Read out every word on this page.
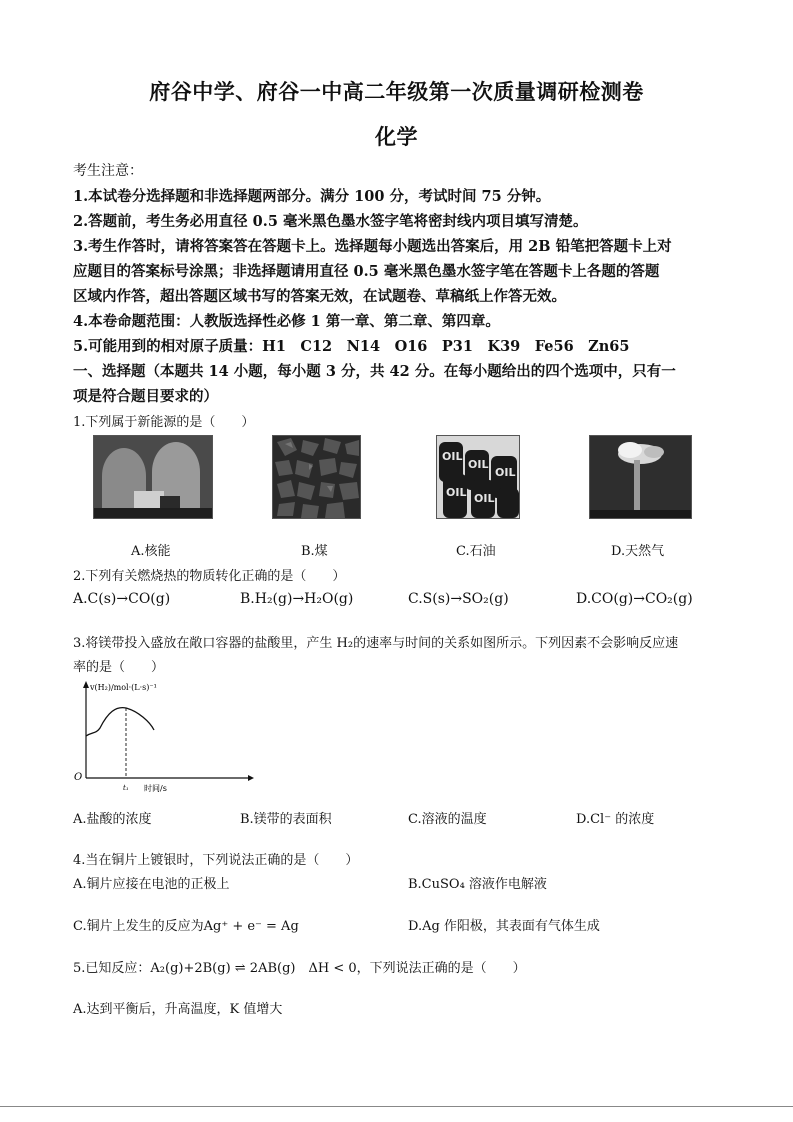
府谷中学、府谷一中高二年级第一次质量调研检测卷
化学
考生注意：
1.本试卷分选择题和非选择题两部分。满分 100 分，考试时间 75 分钟。
2.答题前，考生务必用直径 0.5 毫米黑色墨水签字笔将密封线内项目填写清楚。
3.考生作答时，请将答案答在答题卡上。选择题每小题选出答案后，用 2B 铅笔把答题卡上对
应题目的答案标号涂黑；非选择题请用直径 0.5 毫米黑色墨水签字笔在答题卡上各题的答题
区域内作答，超出答题区域书写的答案无效，在试题卷、草稿纸上作答无效。
4.本卷命题范围：人教版选择性必修 1 第一章、第二章、第四章。
5.可能用到的相对原子质量：H1　C12　N14　O16　P31　K39　Fe56　Zn65
一、选择题（本题共 14 小题，每小题 3 分，共 42 分。在每小题给出的四个选项中，只有一
项是符合题目要求的）
1.下列属于新能源的是（　　）
OIL
OIL
OIL
OIL OIL
A.核能	B.煤	C.石油	D.天然气
2.下列有关燃烧热的物质转化正确的是（　　）
A.C(s)→CO(g)	B.H₂(g)→H₂O(g)	C.S(s)→SO₂(g)	D.CO(g)→CO₂(g)
3.将镁带投入盛放在敞口容器的盐酸里，产生 H₂的速率与时间的关系如图所示。下列因素不会影响反应速
率的是（　　）
v(H₂)/mol·(L·s)⁻¹
时间/s
O
t₁
A.盐酸的浓度	B.镁带的表面积	C.溶液的温度	D.Cl⁻ 的浓度
4.当在铜片上镀银时，下列说法正确的是（　　）
A.铜片应接在电池的正极上	B.CuSO₄ 溶液作电解液
C.铜片上发生的反应为Ag⁺ + e⁻ = Ag	D.Ag 作阳极，其表面有气体生成
5.已知反应：A₂(g)+2B(g) ⇌ 2AB(g)　ΔH < 0，下列说法正确的是（　　）
A.达到平衡后，升高温度，K 值增大
